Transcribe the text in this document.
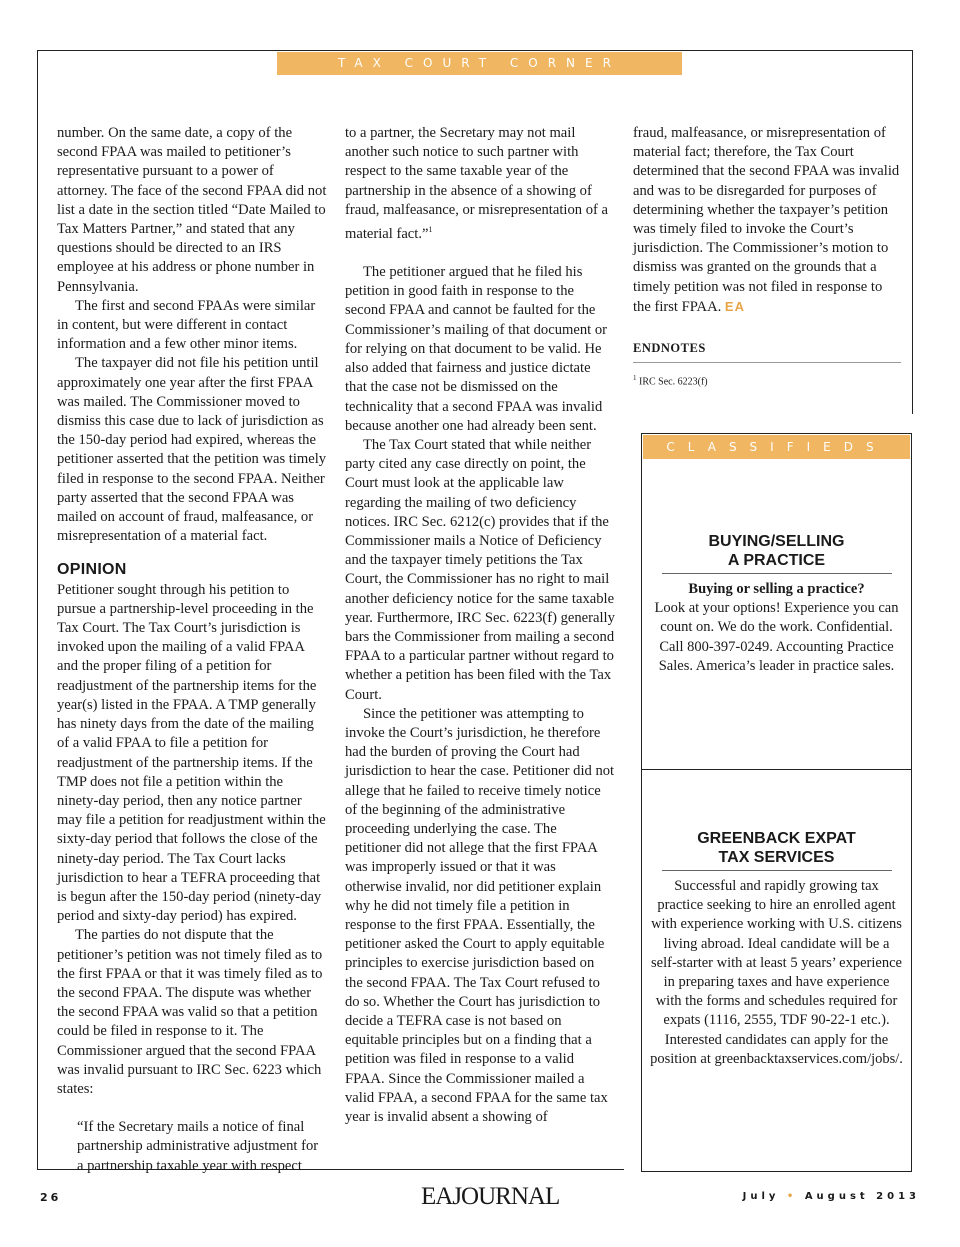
TAX COURT CORNER
CLASSIFIEDS

number. On the same date, a copy of the second FPAA was mailed to petitioner’s representative pursuant to a power of attorney. The face of the second FPAA did not list a date in the section titled “Date Mailed to Tax Matters Partner,” and stated that any questions should be directed to an IRS employee at his address or phone number in Pennsylvania.

The first and second FPAAs were similar in content, but were different in contact information and a few other minor items.

The taxpayer did not file his petition until approximately one year after the first FPAA was mailed. The Commissioner moved to dismiss this case due to lack of jurisdiction as the 150-day period had expired, whereas the petitioner asserted that the petition was timely filed in response to the second FPAA. Neither party asserted that the second FPAA was mailed on account of fraud, malfeasance, or misrepresentation of a material fact.

OPINION

Petitioner sought through his petition to pursue a partnership-level proceeding in the Tax Court. The Tax Court’s jurisdiction is invoked upon the mailing of a valid FPAA and the proper filing of a petition for readjustment of the partnership items for the year(s) listed in the FPAA. A TMP generally has ninety days from the date of the mailing of a valid FPAA to file a petition for readjustment of the partnership items. If the TMP does not file a petition within the ninety-day period, then any notice partner may file a petition for readjustment within the sixty-day period that follows the close of the ninety-day period. The Tax Court lacks jurisdiction to hear a TEFRA proceeding that is begun after the 150-day period (ninety-day period and sixty-day period) has expired.

The parties do not dispute that the petitioner’s petition was not timely filed as to the first FPAA or that it was timely filed as to the second FPAA. The dispute was whether the second FPAA was valid so that a petition could be filed in response to it. The Commissioner argued that the second FPAA was invalid pursuant to IRC Sec. 6223 which states:

“If the Secretary mails a notice of final partnership administrative adjustment for a partnership taxable year with respect

to a partner, the Secretary may not mail another such notice to such partner with respect to the same taxable year of the partnership in the absence of a showing of fraud, malfeasance, or misrepresentation of a material fact.”$^1$

The petitioner argued that he filed his petition in good faith in response to the second FPAA and cannot be faulted for the Commissioner’s mailing of that document or for relying on that document to be valid. He also added that fairness and justice dictate that the case not be dismissed on the technicality that a second FPAA was invalid because another one had already been sent.

The Tax Court stated that while neither party cited any case directly on point, the Court must look at the applicable law regarding the mailing of two deficiency notices. IRC Sec. 6212(c) provides that if the Commissioner mails a Notice of Deficiency and the taxpayer timely petitions the Tax Court, the Commissioner has no right to mail another deficiency notice for the same taxable year. Furthermore, IRC Sec. 6223(f) generally bars the Commissioner from mailing a second FPAA to a particular partner without regard to whether a petition has been filed with the Tax Court.

Since the petitioner was attempting to invoke the Court’s jurisdiction, he therefore had the burden of proving the Court had jurisdiction to hear the case. Petitioner did not allege that he failed to receive timely notice of the beginning of the administrative proceeding underlying the case. The petitioner did not allege that the first FPAA was improperly issued or that it was otherwise invalid, nor did petitioner explain why he did not timely file a petition in response to the first FPAA. Essentially, the petitioner asked the Court to apply equitable principles to exercise jurisdiction based on the second FPAA. The Tax Court refused to do so. Whether the Court has jurisdiction to decide a TEFRA case is not based on equitable principles but on a finding that a petition was filed in response to a valid FPAA. Since the Commissioner mailed a valid FPAA, a second FPAA for the same tax year is invalid absent a showing of

fraud, malfeasance, or misrepresentation of material fact; therefore, the Tax Court determined that the second FPAA was invalid and was to be disregarded for purposes of determining whether the taxpayer’s petition was timely filed to invoke the Court’s jurisdiction. The Commissioner’s motion to dismiss was granted on the grounds that a timely petition was not filed in response to the first FPAA. EA

ENDNOTES
$^1$ IRC Sec. 6223(f)
BUYING/SELLING
A PRACTICE
Buying or selling a practice?
Look at your options! Experience you can count on. We do the work. Confidential. Call 800-397-0249. Accounting Practice Sales. America’s leader in practice sales.
GREENBACK EXPAT
TAX SERVICES
Successful and rapidly growing tax practice seeking to hire an enrolled agent with experience working with U.S. citizens living abroad. Ideal candidate will be a self-starter with at least 5 years’ experience in preparing taxes and have experience with the forms and schedules required for expats (1116, 2555, TDF 90-22-1 etc.). Interested candidates can apply for the position at greenbacktaxservices.com/jobs/.
26	EAJOURNAL	July • August 2013
